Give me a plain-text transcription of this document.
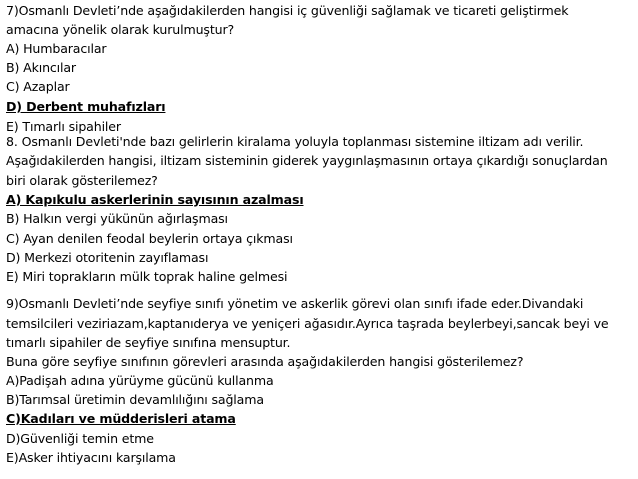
7)Osmanlı Devleti’nde aşağıdakilerden hangisi iç güvenliği sağlamak ve ticareti geliştirmek
amacına yönelik olarak kurulmuştur?
A) Humbaracılar
B) Akıncılar
C) Azaplar
D) Derbent muhafızları
E) Tımarlı sipahiler
8. Osmanlı Devleti'nde bazı gelirlerin kiralama yoluyla toplanması sistemine iltizam adı verilir.
Aşağıdakilerden hangisi, iltizam sisteminin giderek yaygınlaşmasının ortaya çıkardığı sonuçlardan
biri olarak gösterilemez?
A) Kapıkulu askerlerinin sayısının azalması
B) Halkın vergi yükünün ağırlaşması
C) Ayan denilen feodal beylerin ortaya çıkması
D) Merkezi otoritenin zayıflaması
E) Miri toprakların mülk toprak haline gelmesi
9)Osmanlı Devleti’nde seyfiye sınıfı yönetim ve askerlik görevi olan sınıfı ifade eder.Divandaki
temsilcileri veziriazam,kaptanıderya ve yeniçeri ağasıdır.Ayrıca taşrada beylerbeyi,sancak beyi ve
tımarlı sipahiler de seyfiye sınıfına mensuptur.
Buna göre seyfiye sınıfının görevleri arasında aşağıdakilerden hangisi gösterilemez?
A)Padişah adına yürüyme gücünü kullanma
B)Tarımsal üretimin devamlılığını sağlama
C)Kadıları ve müdderisleri atama
D)Güvenliği temin etme
E)Asker ihtiyacını karşılama
